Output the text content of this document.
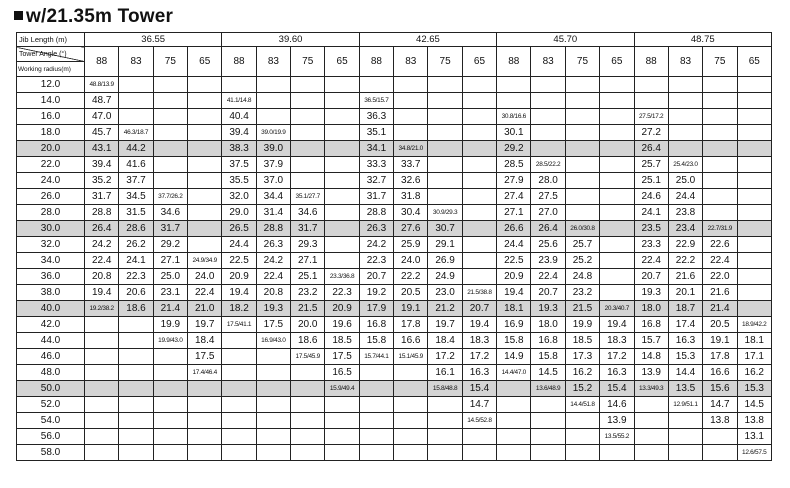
w/21.35m Tower
Jib Length (m)	36.55				39.60				42.65				45.70				48.75			
Tower Angle (°)	88	83	75	65	88	83	75	65	88	83	75	65	88	83	75	65	88	83	75	65
Working radius(m)																				
12.0	48.8/13.9																			
14.0	48.7				41.1/14.8				36.5/15.7											
16.0	47.0				40.4				36.3				30.8/16.6				27.5/17.2			
18.0	45.7	46.3/18.7			39.4	39.0/19.9			35.1				30.1				27.2			
20.0	43.1	44.2			38.3	39.0			34.1	34.8/21.0			29.2				26.4			
22.0	39.4	41.6			37.5	37.9			33.3	33.7			28.5	28.5/22.2			25.7	25.4/23.0		
24.0	35.2	37.7			35.5	37.0			32.7	32.6			27.9	28.0			25.1	25.0		
26.0	31.7	34.5	37.7/26.2		32.0	34.4	35.1/27.7		31.7	31.8			27.4	27.5			24.6	24.4		
28.0	28.8	31.5	34.6		29.0	31.4	34.6		28.8	30.4	30.9/29.3		27.1	27.0			24.1	23.8		
30.0	26.4	28.6	31.7		26.5	28.8	31.7		26.3	27.6	30.7		26.6	26.4	26.0/30.8		23.5	23.4	22.7/31.9	
32.0	24.2	26.2	29.2		24.4	26.3	29.3		24.2	25.9	29.1		24.4	25.6	25.7		23.3	22.9	22.6	
34.0	22.4	24.1	27.1	24.9/34.9	22.5	24.2	27.1		22.3	24.0	26.9		22.5	23.9	25.2		22.4	22.2	22.4	
36.0	20.8	22.3	25.0	24.0	20.9	22.4	25.1	23.3/36.8	20.7	22.2	24.9		20.9	22.4	24.8		20.7	21.6	22.0	
38.0	19.4	20.6	23.1	22.4	19.4	20.8	23.2	22.3	19.2	20.5	23.0	21.5/38.8	19.4	20.7	23.2		19.3	20.1	21.6	
40.0	19.2/38.2	18.6	21.4	21.0	18.2	19.3	21.5	20.9	17.9	19.1	21.2	20.7	18.1	19.3	21.5	20.3/40.7	18.0	18.7	21.4	
42.0			19.9	19.7	17.5/41.1	17.5	20.0	19.6	16.8	17.8	19.7	19.4	16.9	18.0	19.9	19.4	16.8	17.4	20.5	18.9/42.2
44.0			19.9/43.0	18.4		16.9/43.0	18.6	18.5	15.8	16.6	18.4	18.3	15.8	16.8	18.5	18.3	15.7	16.3	19.1	18.1
46.0				17.5			17.5/45.9	17.5	15.7/44.1	15.1/45.9	17.2	17.2	14.9	15.8	17.3	17.2	14.8	15.3	17.8	17.1
48.0				17.4/46.4				16.5			16.1	16.3	14.4/47.0	14.5	16.2	16.3	13.9	14.4	16.6	16.2
50.0								15.9/49.4			15.8/48.8	15.4		13.6/48.9	15.2	15.4	13.3/49.3	13.5	15.6	15.3
52.0												14.7			14.4/51.8	14.6		12.9/51.1	14.7	14.5
54.0												14.5/52.8				13.9			13.8	13.8
56.0																13.5/55.2				13.1
58.0																				12.6/57.5
